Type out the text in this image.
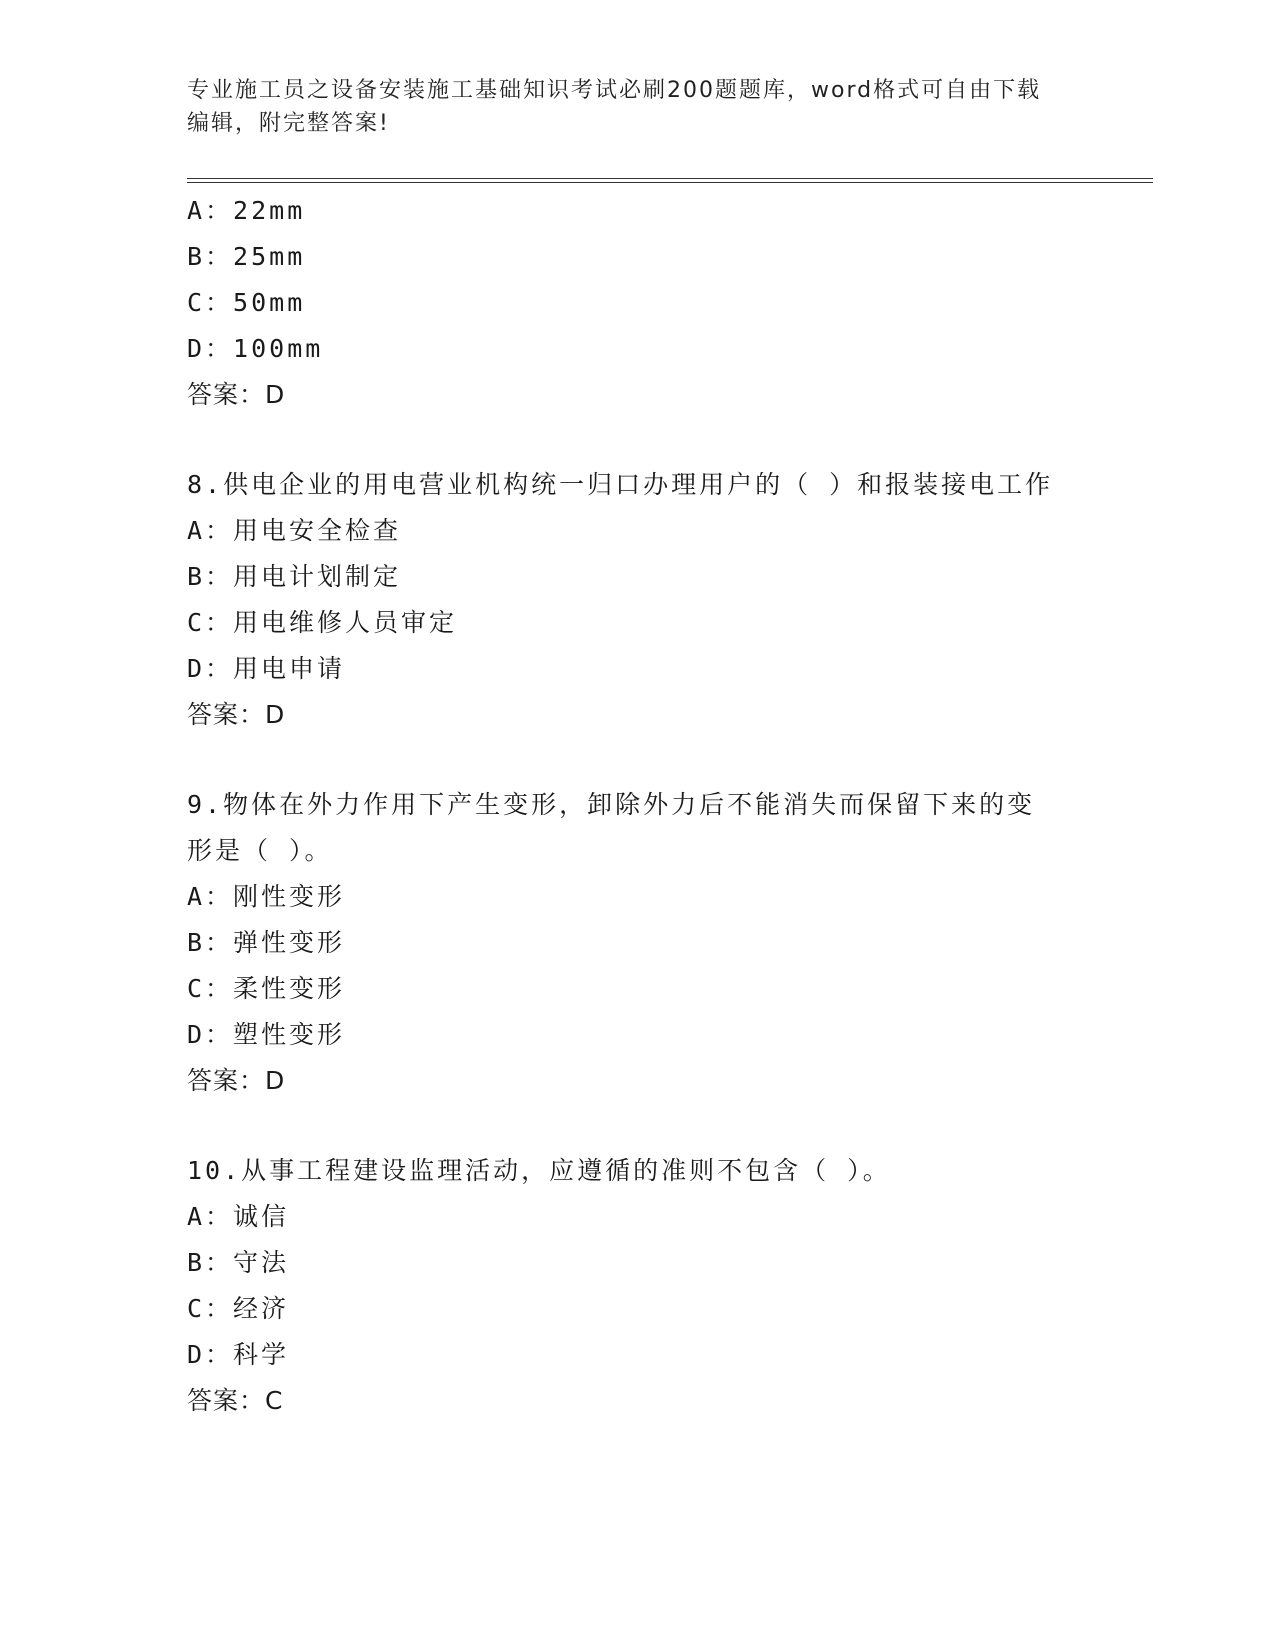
专业施工员之设备安装施工基础知识考试必刷200题题库，word格式可自由下载
编辑，附完整答案!
A：22mm
B：25mm
C：50mm
D：100mm
答案：D
8.供电企业的用电营业机构统一归口办理用户的（ ）和报装接电工作
A：用电安全检查
B：用电计划制定
C：用电维修人员审定
D：用电申请
答案：D
9.物体在外力作用下产生变形，卸除外力后不能消失而保留下来的变
形是（ ）。
A：刚性变形
B：弹性变形
C：柔性变形
D：塑性变形
答案：D
10.从事工程建设监理活动，应遵循的准则不包含（ ）。
A：诚信
B：守法
C：经济
D：科学
答案：C
